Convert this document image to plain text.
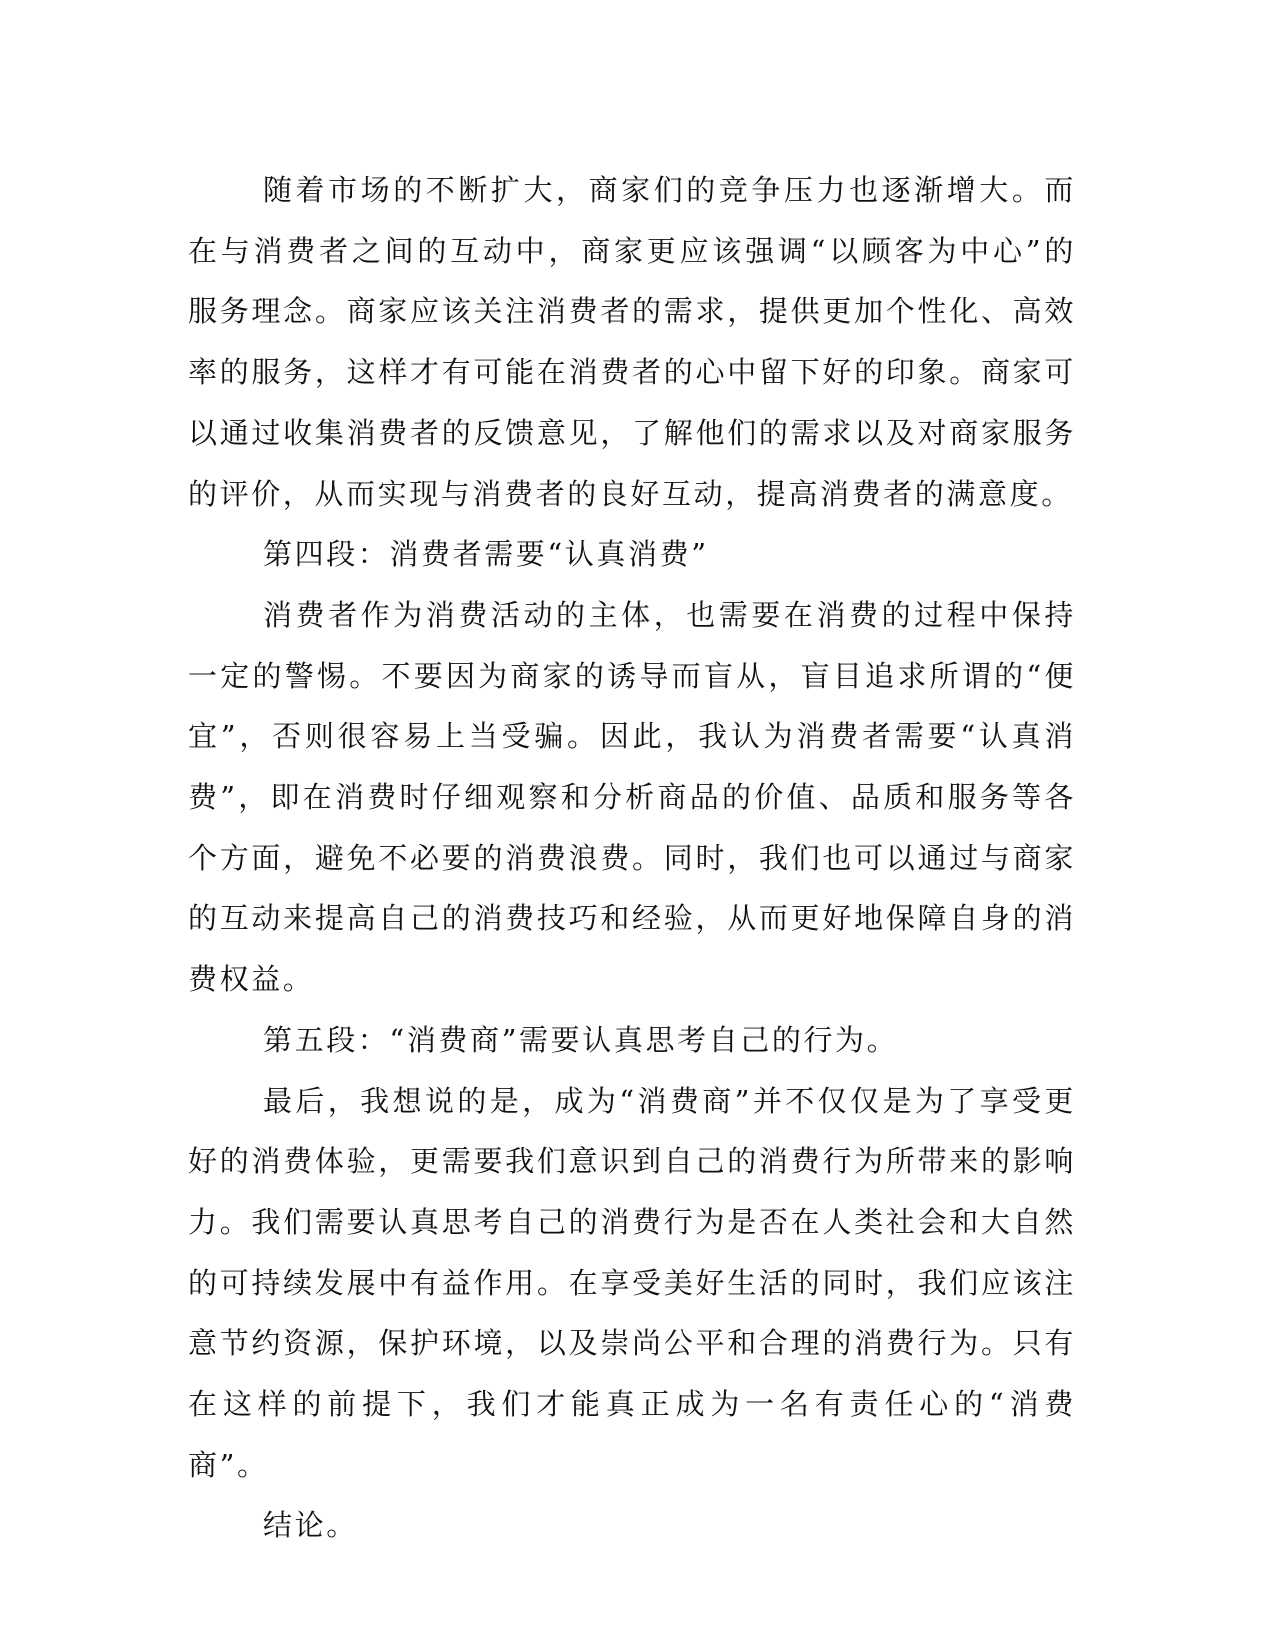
随着市场的不断扩大，商家们的竞争压力也逐渐增大。而在与消费者之间的互动中，商家更应该强调“以顾客为中心”的服务理念。商家应该关注消费者的需求，提供更加个性化、高效率的服务，这样才有可能在消费者的心中留下好的印象。商家可以通过收集消费者的反馈意见，了解他们的需求以及对商家服务的评价，从而实现与消费者的良好互动，提高消费者的满意度。

第四段：消费者需要“认真消费”

消费者作为消费活动的主体，也需要在消费的过程中保持一定的警惕。不要因为商家的诱导而盲从，盲目追求所谓的“便宜”，否则很容易上当受骗。因此，我认为消费者需要“认真消费”，即在消费时仔细观察和分析商品的价值、品质和服务等各个方面，避免不必要的消费浪费。同时，我们也可以通过与商家的互动来提高自己的消费技巧和经验，从而更好地保障自身的消费权益。

第五段：“消费商”需要认真思考自己的行为。

最后，我想说的是，成为“消费商”并不仅仅是为了享受更好的消费体验，更需要我们意识到自己的消费行为所带来的影响力。我们需要认真思考自己的消费行为是否在人类社会和大自然的可持续发展中有益作用。在享受美好生活的同时，我们应该注意节约资源，保护环境，以及崇尚公平和合理的消费行为。只有在这样的前提下，我们才能真正成为一名有责任心的“消费商”。

结论。
